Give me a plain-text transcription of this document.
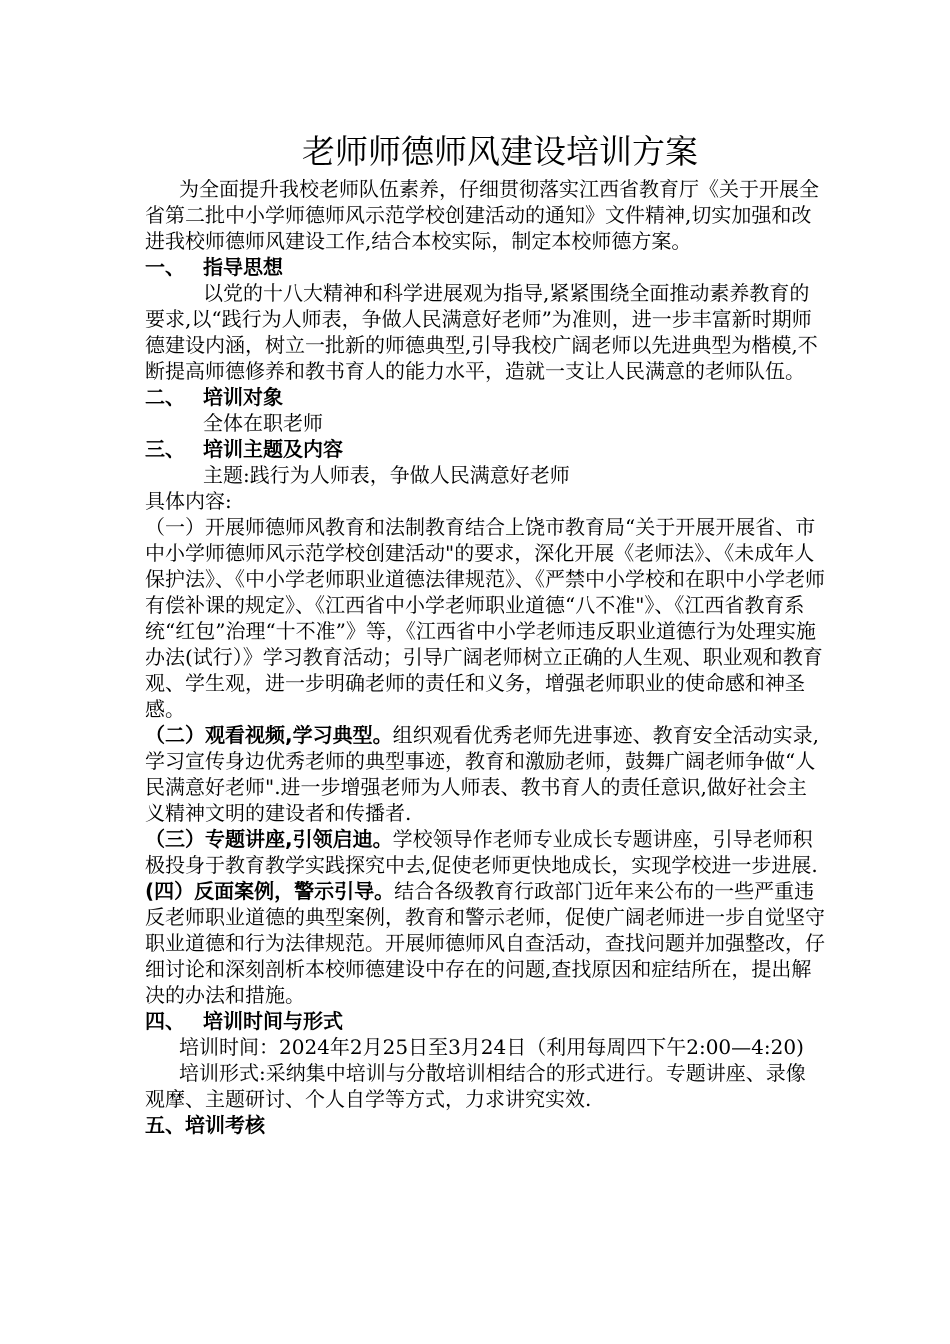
老师师德师风建设培训方案

为全面提升我校老师队伍素养，仔细贯彻落实江西省教育厅《关于开展全省第二批中小学师德师风示范学校创建活动的通知》文件精神,切实加强和改进我校师德师风建设工作,结合本校实际，制定本校师德方案。

一、 指导思想

以党的十八大精神和科学进展观为指导,紧紧围绕全面推动素养教育的要求,以“践行为人师表，争做人民满意好老师”为准则，进一步丰富新时期师德建设内涵，树立一批新的师德典型,引导我校广阔老师以先进典型为楷模,不断提高师德修养和教书育人的能力水平，造就一支让人民满意的老师队伍。

二、 培训对象

全体在职老师

三、 培训主题及内容

主题:践行为人师表，争做人民满意好老师

具体内容:

（一）开展师德师风教育和法制教育结合上饶市教育局“关于开展开展省、市中小学师德师风示范学校创建活动"的要求，深化开展《老师法》、《未成年人保护法》、《中小学老师职业道德法律规范》、《严禁中小学校和在职中小学老师有偿补课的规定》、《江西省中小学老师职业道德“八不准"》、《江西省教育系统“红包”治理“十不准”》等，《江西省中小学老师违反职业道德行为处理实施办法(试行）》学习教育活动；引导广阔老师树立正确的人生观、职业观和教育观、学生观，进一步明确老师的责任和义务，增强老师职业的使命感和神圣感。

（二）观看视频,学习典型。组织观看优秀老师先进事迹、教育安全活动实录,学习宣传身边优秀老师的典型事迹，教育和激励老师，鼓舞广阔老师争做“人民满意好老师".进一步增强老师为人师表、教书育人的责任意识,做好社会主义精神文明的建设者和传播者.

（三）专题讲座,引领启迪。学校领导作老师专业成长专题讲座，引导老师积极投身于教育教学实践探究中去,促使老师更快地成长，实现学校进一步进展.

(四）反面案例，警示引导。结合各级教育行政部门近年来公布的一些严重违反老师职业道德的典型案例，教育和警示老师，促使广阔老师进一步自觉坚守职业道德和行为法律规范。开展师德师风自查活动，查找问题并加强整改，仔细讨论和深刻剖析本校师德建设中存在的问题,查找原因和症结所在，提出解决的办法和措施。

四、 培训时间与形式

培训时间：2024年2月25日至3月24日（利用每周四下午2:00—4:20)

培训形式:采纳集中培训与分散培训相结合的形式进行。专题讲座、录像观摩、主题研讨、个人自学等方式，力求讲究实效.

五、培训考核
